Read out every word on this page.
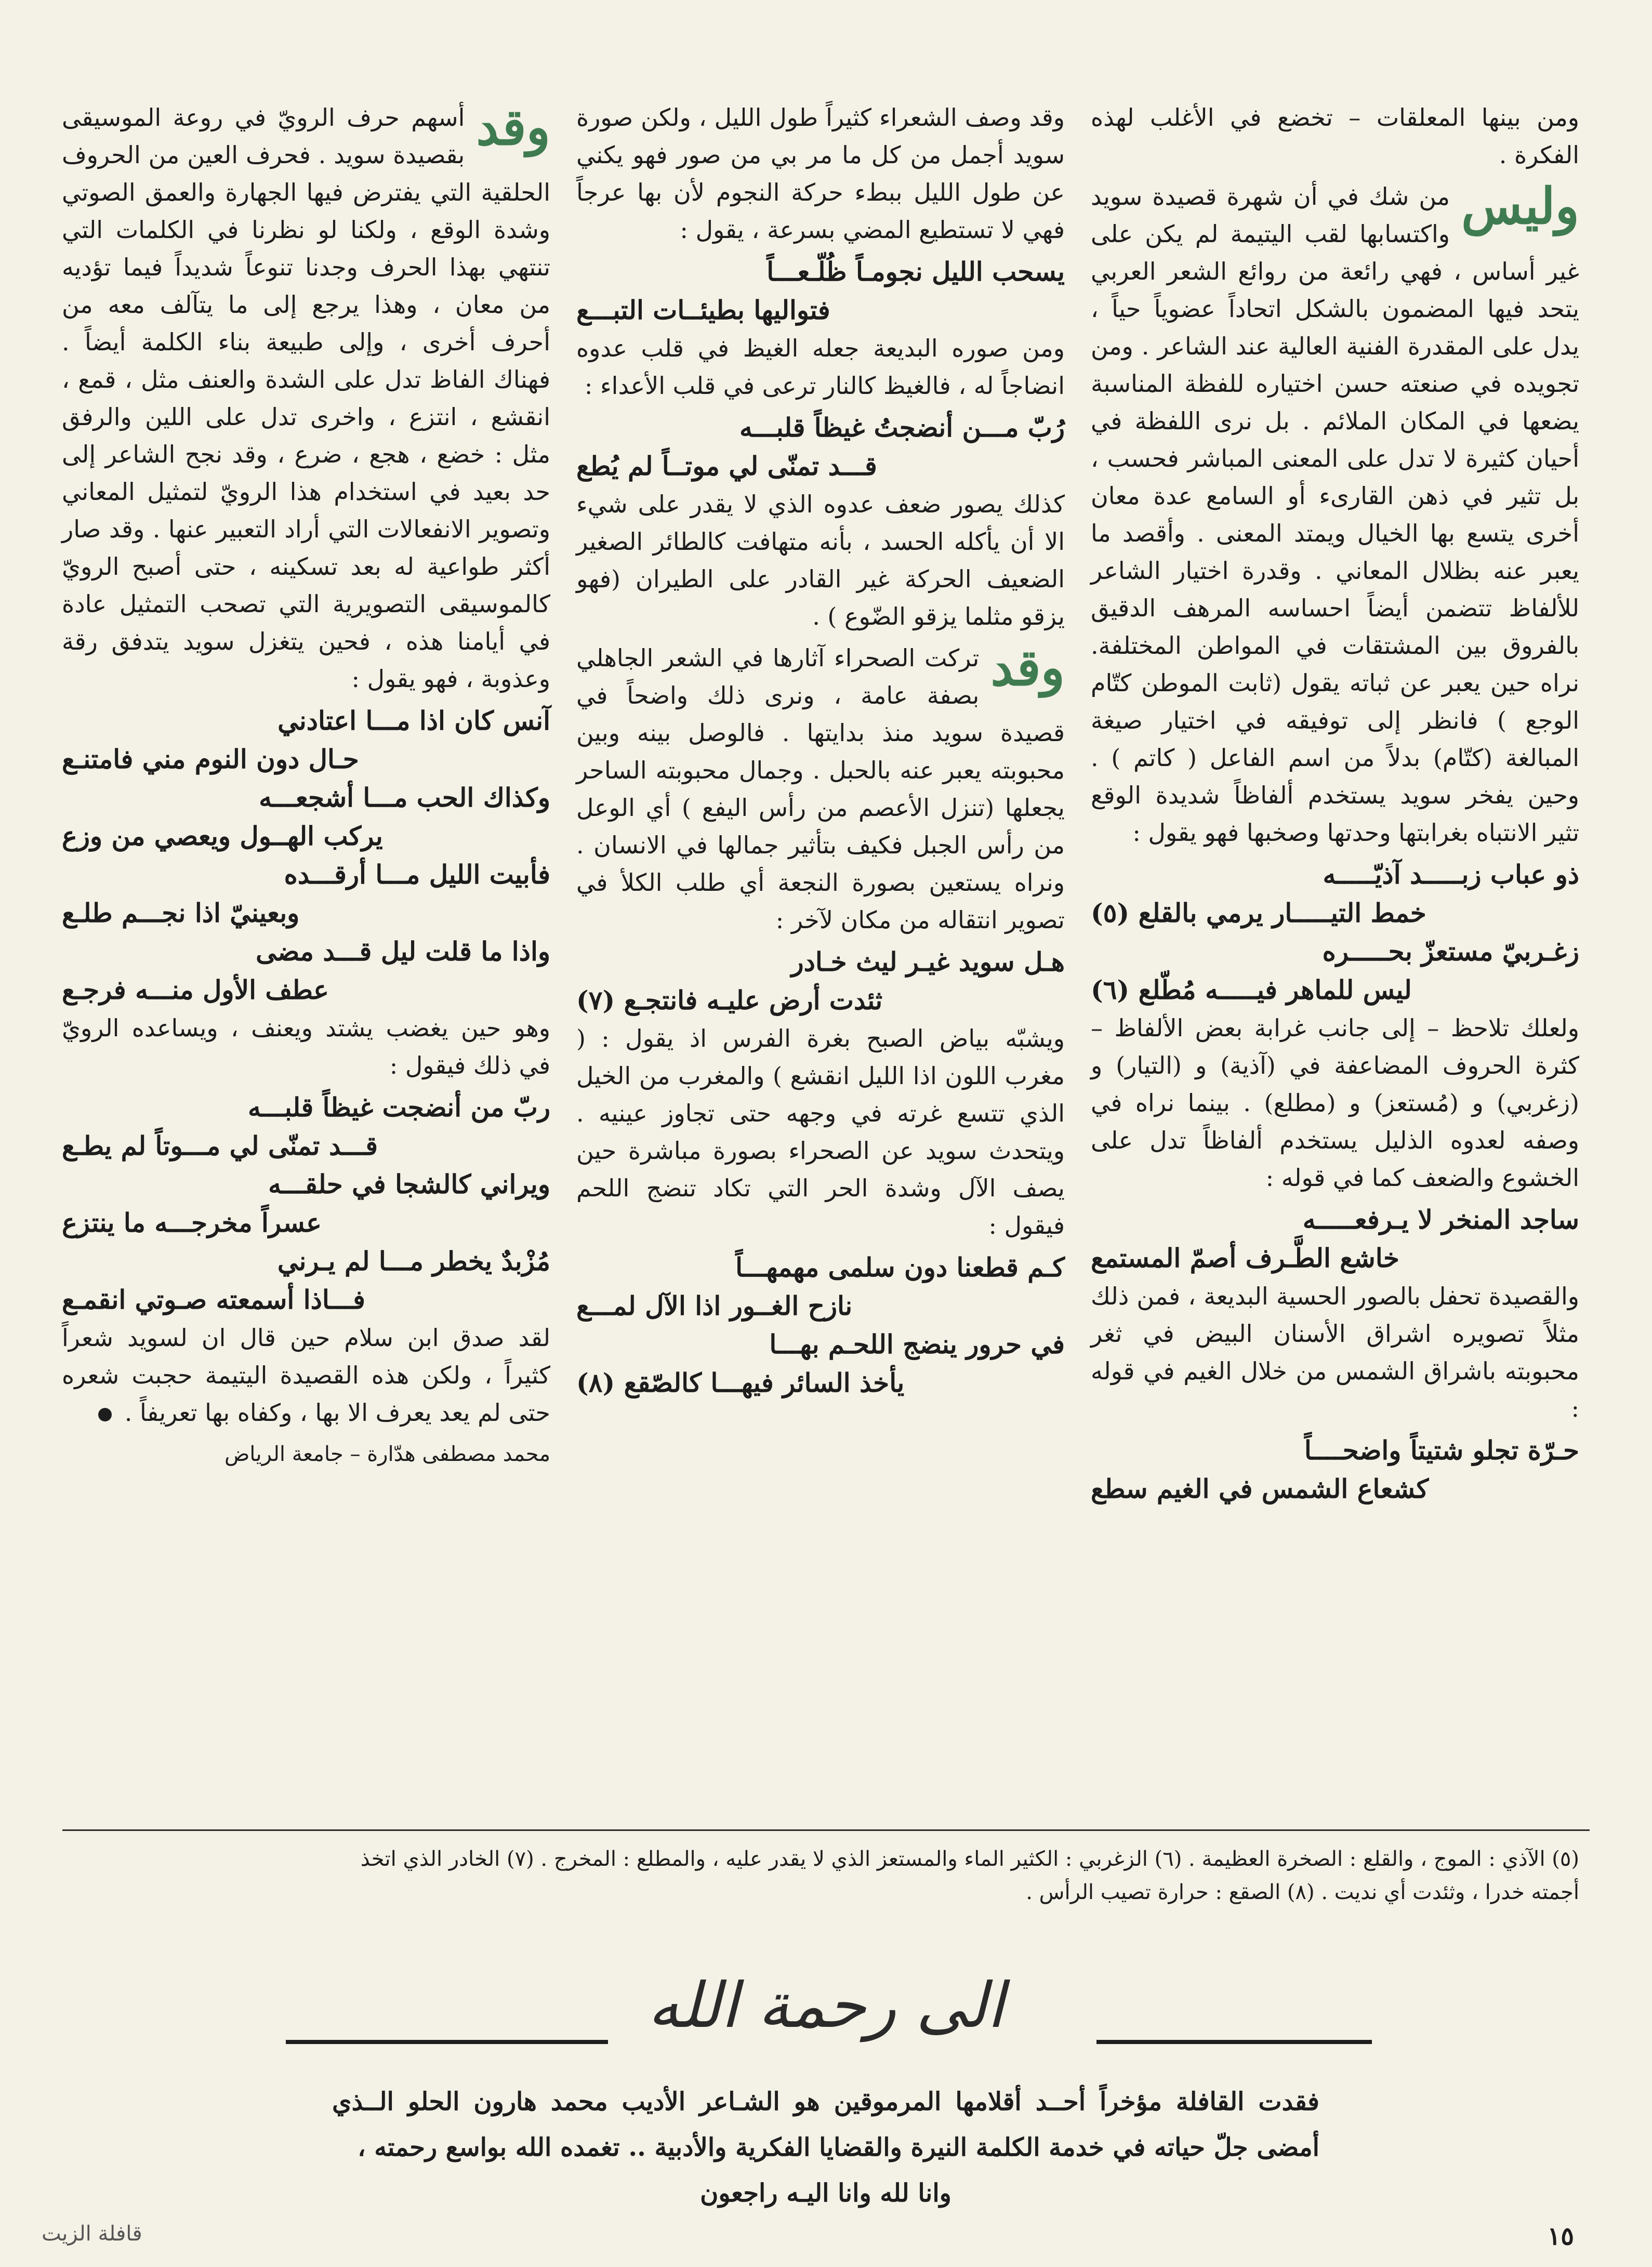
ومن بينها المعلقات – تخضع في الأغلب لهذه الفكرة .

وليس
من شك في أن شهرة قصيدة سويد واكتسابها لقب اليتيمة لم يكن على غير أساس ، فهي رائعة من روائع الشعر العربي يتحد فيها المضمون بالشكل اتحاداً عضوياً حياً ، يدل على المقدرة الفنية العالية عند الشاعر . ومن تجويده في صنعته حسن اختياره للفظة المناسبة يضعها في المكان الملائم . بل نرى اللفظة في أحيان كثيرة لا تدل على المعنى المباشر فحسب ، بل تثير في ذهن القارىء أو السامع عدة معان أخرى يتسع بها الخيال ويمتد المعنى . وأقصد ما يعبر عنه بظلال المعاني . وقدرة اختيار الشاعر للألفاظ تتضمن أيضاً احساسه المرهف الدقيق بالفروق بين المشتقات في المواطن المختلفة. نراه حين يعبر عن ثباته يقول (ثابت الموطن كتّام الوجع ) فانظر إلى توفيقه في اختيار صيغة المبالغة (كتّام) بدلاً من اسم الفاعل ( كاتم ) . وحين يفخر سويد يستخدم ألفاظاً شديدة الوقع تثير الانتباه بغرابتها وحدتها وصخبها فهو يقول :

ذو عباب زبـــــد آذيّـــــه
خمط التيـــــار يرمي بالقلع (٥)
زغـربيّ مستعزّ بحـــــره
ليس للماهر فيـــــه مُطّلع (٦)

ولعلك تلاحظ – إلى جانب غرابة بعض الألفاظ – كثرة الحروف المضاعفة في (آذية) و (التيار) و (زغربي) و (مُستعز) و (مطلع) . بينما نراه في وصفه لعدوه الذليل يستخدم ألفاظاً تدل على الخشوع والضعف كما في قوله :

ساجد المنخر لا يـرفعـــــه
خاشع الطَّـرف أصمّ المستمع

والقصيدة تحفل بالصور الحسية البديعة ، فمن ذلك مثلاً تصويره اشراق الأسنان البيض في ثغر محبوبته باشراق الشمس من خلال الغيم في قوله :

حـرّة تجلو شتيتاً واضحــــاً
كشعاع الشمس في الغيم سطع

وقد وصف الشعراء كثيراً طول الليل ، ولكن صورة سويد أجمل من كل ما مر بي من صور فهو يكني عن طول الليل ببطء حركة النجوم لأن بها عرجاً فهي لا تستطيع المضي بسرعة ، يقول :

يسحب الليل نجومـاً ظُلّـعـــاً
فتواليها بطيئــات التبـــع

ومن صوره البديعة جعله الغيظ في قلب عدوه انضاجاً له ، فالغيظ كالنار ترعى في قلب الأعداء :

رُبّ مـــن أنضجتُ غيظاً قلبـــه
قـــد تمنّى لي موتــاً لم يُطع

كذلك يصور ضعف عدوه الذي لا يقدر على شيء الا أن يأكله الحسد ، بأنه متهافت كالطائر الصغير الضعيف الحركة غير القادر على الطيران (فهو يزقو مثلما يزقو الضّوع ) .

وقد
تركت الصحراء آثارها في الشعر الجاهلي بصفة عامة ، ونرى ذلك واضحاً في قصيدة سويد منذ بدايتها . فالوصل بينه وبين محبوبته يعبر عنه بالحبل . وجمال محبوبته الساحر يجعلها (تنزل الأعصم من رأس اليفع ) أي الوعل من رأس الجبل فكيف بتأثير جمالها في الانسان . ونراه يستعين بصورة النجعة أي طلب الكلأ في تصوير انتقاله من مكان لآخر :

هـل سويد غيـر ليث خـادر
ثئدت أرض عليـه فانتجـع (٧)

ويشبّه بياض الصبح بغرة الفرس اذ يقول : ( مغرب اللون اذا الليل انقشع ) والمغرب من الخيل الذي تتسع غرته في وجهه حتى تجاوز عينيه . ويتحدث سويد عن الصحراء بصورة مباشرة حين يصف الآل وشدة الحر التي تكاد تنضج اللحم فيقول :

كـم قطعنا دون سلمى مهمهـــاً
نازح الغــور اذا الآل لمـــع
في حرور ينضج اللحـم بهـــا
يأخذ السائر فيهـــا كالصّقع (٨)

وقد
أسهم حرف الرويّ في روعة الموسيقى بقصيدة سويد . فحرف العين من الحروف الحلقية التي يفترض فيها الجهارة والعمق الصوتي وشدة الوقع ، ولكنا لو نظرنا في الكلمات التي تنتهي بهذا الحرف وجدنا تنوعاً شديداً فيما تؤديه من معان ، وهذا يرجع إلى ما يتآلف معه من أحرف أخرى ، وإلى طبيعة بناء الكلمة أيضاً . فهناك الفاظ تدل على الشدة والعنف مثل ، قمع ، انقشع ، انتزع ، واخرى تدل على اللين والرفق مثل : خضع ، هجع ، ضرع ، وقد نجح الشاعر إلى حد بعيد في استخدام هذا الرويّ لتمثيل المعاني وتصوير الانفعالات التي أراد التعبير عنها . وقد صار أكثر طواعية له بعد تسكينه ، حتى أصبح الرويّ كالموسيقى التصويرية التي تصحب التمثيل عادة في أيامنا هذه ، فحين يتغزل سويد يتدفق رقة وعذوبة ، فهو يقول :

آنس كان اذا مـــا اعتادني
حـال دون النوم مني فامتنـع
وكذاك الحب مـــا أشجعـــه
يركب الهــول ويعصي من وزع
فأبيت الليل مـــا أرقـــده
وبعينيّ اذا نجـــم طلـع
واذا ما قلت ليل قـــد مضى
عطف الأول منـــه فرجـع

وهو حين يغضب يشتد ويعنف ، ويساعده الرويّ في ذلك فيقول :

ربّ من أنضجت غيظاً قلبـــه
قـــد تمنّى لي مـــوتاً لم يطـع
ويراني كالشجا في حلقـــه
عسراً مخرجـــه ما ينتزع
مُزْبدٌ يخطر مـــا لم يـرني
فـــاذا أسمعته صـوتي انقمـع

لقد صدق ابن سلام حين قال ان لسويد شعراً كثيراً ، ولكن هذه القصيدة اليتيمة حجبت شعره حتى لم يعد يعرف الا بها ، وكفاه بها تعريفاً .

محمد مصطفى هدّارة – جامعة الرياض

(٥) الآذي : الموج ، والقلع : الصخرة العظيمة . (٦) الزغربي : الكثير الماء والمستعز الذي لا يقدر عليه ، والمطلع : المخرج . (٧) الخادر الذي اتخذ

أجمته خدرا ، وثئدت أي نديت . (٨) الصقع : حرارة تصيب الرأس .

الى رحمة الله

فقدت القافلة مؤخراً أحــد أقلامها المرموقين هو الشـاعر الأديب محمد هارون الحلو الــذي أمضى جلّ حياته في خدمة الكلمة النيرة والقضايا الفكرية والأدبية .. تغمده الله بواسع رحمته ،

وانا لله وانا اليـه راجعون

١٥
قافلة الزيت
